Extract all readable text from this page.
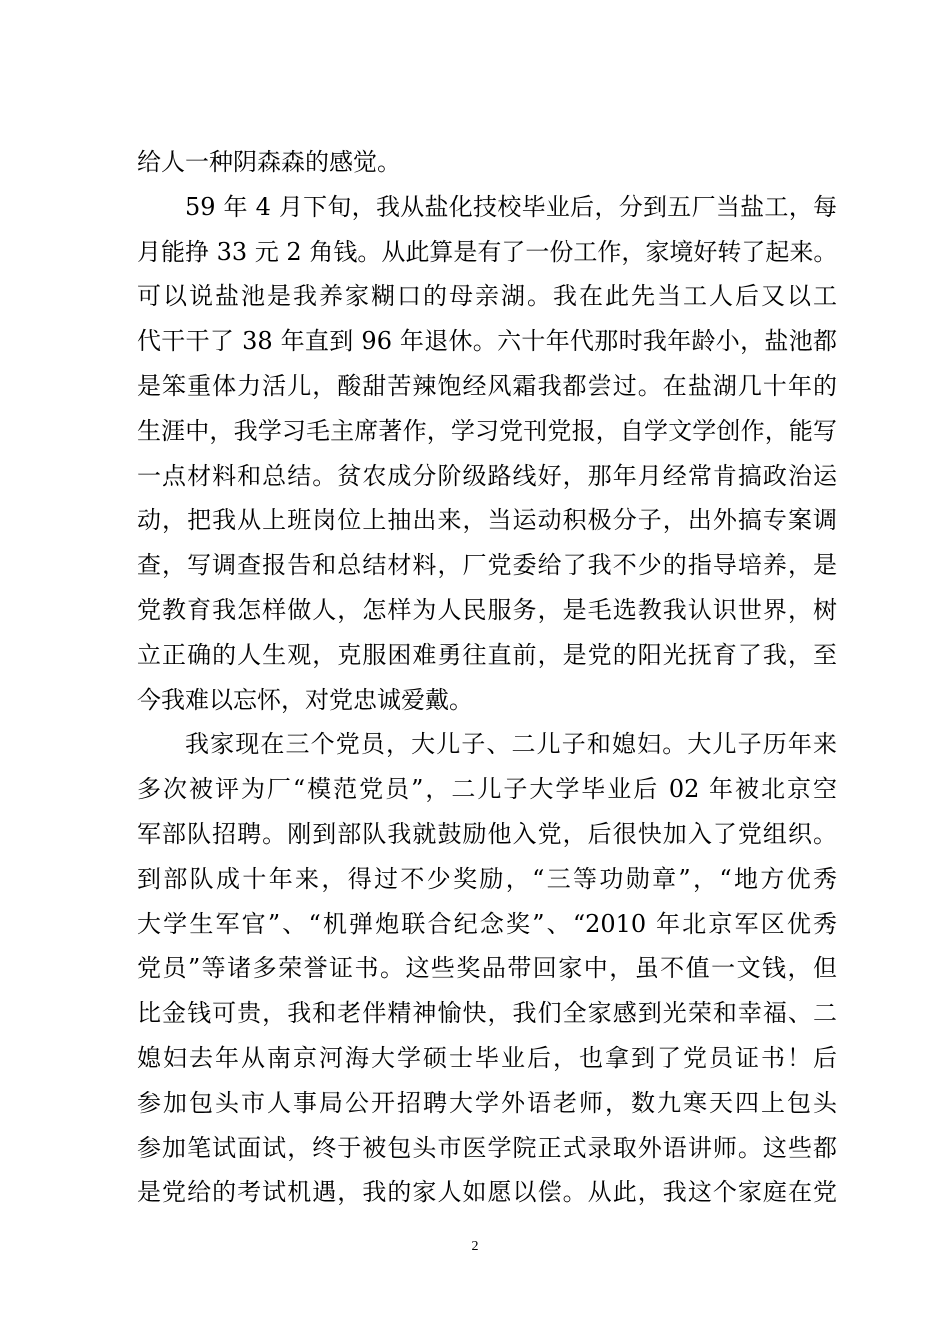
给人一种阴森森的感觉。
59 年 4 月下旬，我从盐化技校毕业后，分到五厂当盐工，每
月能挣 33 元 2 角钱。从此算是有了一份工作，家境好转了起来。
可以说盐池是我养家糊口的母亲湖。我在此先当工人后又以工
代干干了 38 年直到 96 年退休。六十年代那时我年龄小，盐池都
是笨重体力活儿，酸甜苦辣饱经风霜我都尝过。在盐湖几十年的
生涯中，我学习毛主席著作，学习党刊党报，自学文学创作，能写
一点材料和总结。贫农成分阶级路线好，那年月经常肯搞政治运
动，把我从上班岗位上抽出来，当运动积极分子，出外搞专案调
查，写调查报告和总结材料，厂党委给了我不少的指导培养，是
党教育我怎样做人，怎样为人民服务，是毛选教我认识世界，树
立正确的人生观，克服困难勇往直前，是党的阳光抚育了我，至
今我难以忘怀，对党忠诚爱戴。
我家现在三个党员，大儿子、二儿子和媳妇。大儿子历年来
多次被评为厂“模范党员”，二儿子大学毕业后 02 年被北京空
军部队招聘。刚到部队我就鼓励他入党，后很快加入了党组织。
到部队成十年来，得过不少奖励，“三等功勋章”，“地方优秀
大学生军官”、“机弹炮联合纪念奖”、“2010 年北京军区优秀
党员”等诸多荣誉证书。这些奖品带回家中，虽不值一文钱，但
比金钱可贵，我和老伴精神愉快，我们全家感到光荣和幸福、二
媳妇去年从南京河海大学硕士毕业后，也拿到了党员证书！后
参加包头市人事局公开招聘大学外语老师，数九寒天四上包头
参加笔试面试，终于被包头市医学院正式录取外语讲师。这些都
是党给的考试机遇，我的家人如愿以偿。从此，我这个家庭在党
2
